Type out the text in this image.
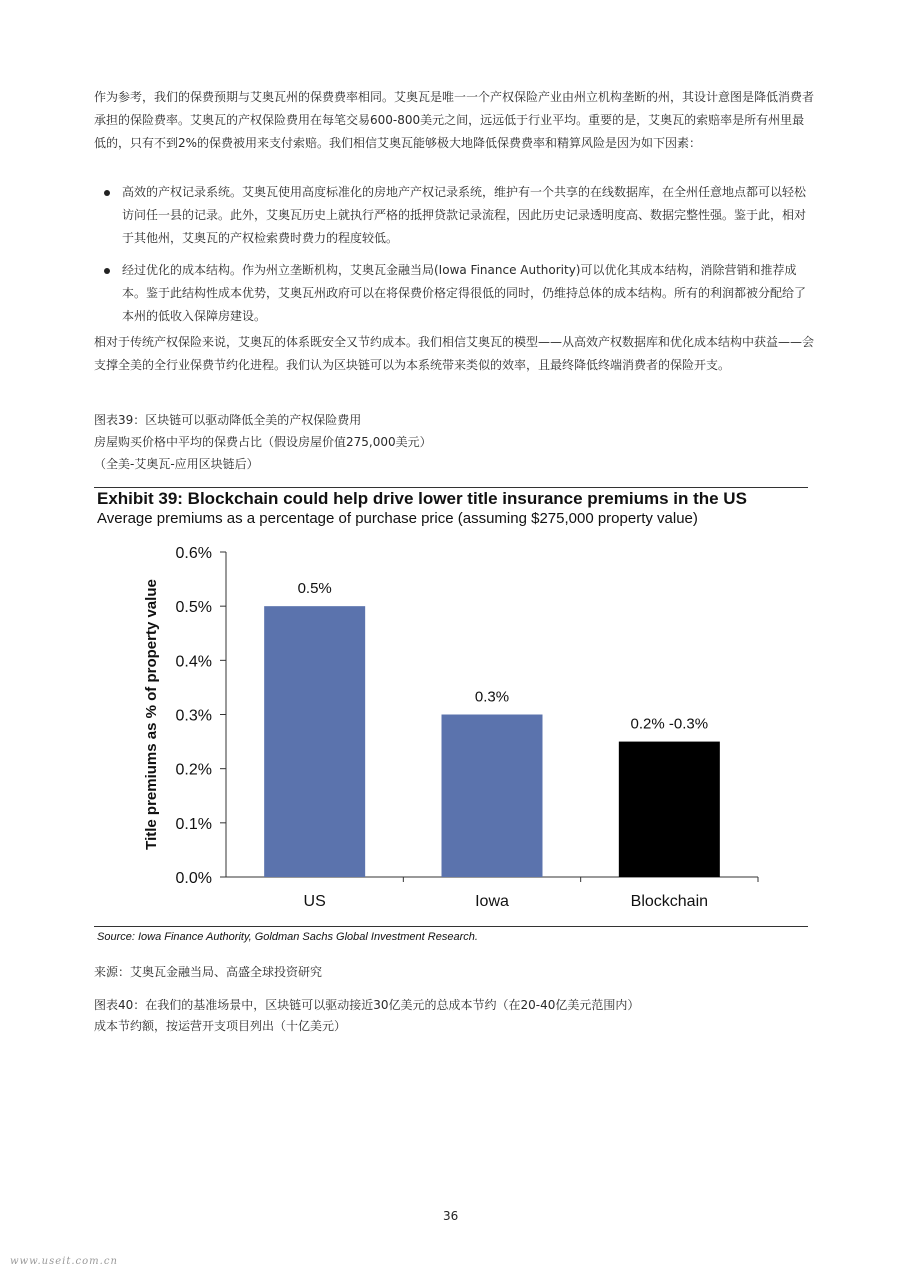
作为参考，我们的保费预期与艾奥瓦州的保费费率相同。艾奥瓦是唯一一个产权保险产业由州立机构垄断的州，其设计意图是降低消费者承担的保险费率。艾奥瓦的产权保险费用在每笔交易600-800美元之间，远远低于行业平均。重要的是，艾奥瓦的索赔率是所有州里最低的，只有不到2%的保费被用来支付索赔。我们相信艾奥瓦能够极大地降低保费费率和精算风险是因为如下因素：

高效的产权记录系统。艾奥瓦使用高度标准化的房地产产权记录系统，维护有一个共享的在线数据库，在全州任意地点都可以轻松访问任一县的记录。此外，艾奥瓦历史上就执行严格的抵押贷款记录流程，因此历史记录透明度高、数据完整性强。鉴于此，相对于其他州，艾奥瓦的产权检索费时费力的程度较低。
经过优化的成本结构。作为州立垄断机构，艾奥瓦金融当局(Iowa Finance Authority)可以优化其成本结构，消除营销和推荐成本。鉴于此结构性成本优势，艾奥瓦州政府可以在将保费价格定得很低的同时，仍维持总体的成本结构。所有的利润都被分配给了本州的低收入保障房建设。

相对于传统产权保险来说，艾奥瓦的体系既安全又节约成本。我们相信艾奥瓦的模型——从高效产权数据库和优化成本结构中获益——会支撑全美的全行业保费节约化进程。我们认为区块链可以为本系统带来类似的效率，且最终降低终端消费者的保险开支。

图表39：区块链可以驱动降低全美的产权保险费用
房屋购买价格中平均的保费占比（假设房屋价值275,000美元）
（全美-艾奥瓦-应用区块链后）
Exhibit 39: Blockchain could help drive lower title insurance premiums in the US
Average premiums as a percentage of purchase price (assuming $275,000 property value)
Title premiums as % of property value
0.0%
0.1%
0.2%
0.3%
0.4%
0.5%
0.6%
0.5%
US
0.3%
Iowa
0.2% -0.3%
Blockchain
Source: Iowa Finance Authority, Goldman Sachs Global Investment Research.
来源：艾奥瓦金融当局、高盛全球投资研究
图表40：在我们的基准场景中，区块链可以驱动接近30亿美元的总成本节约（在20-40亿美元范围内）
成本节约额，按运营开支项目列出（十亿美元）
36
www.useit.com.cn
